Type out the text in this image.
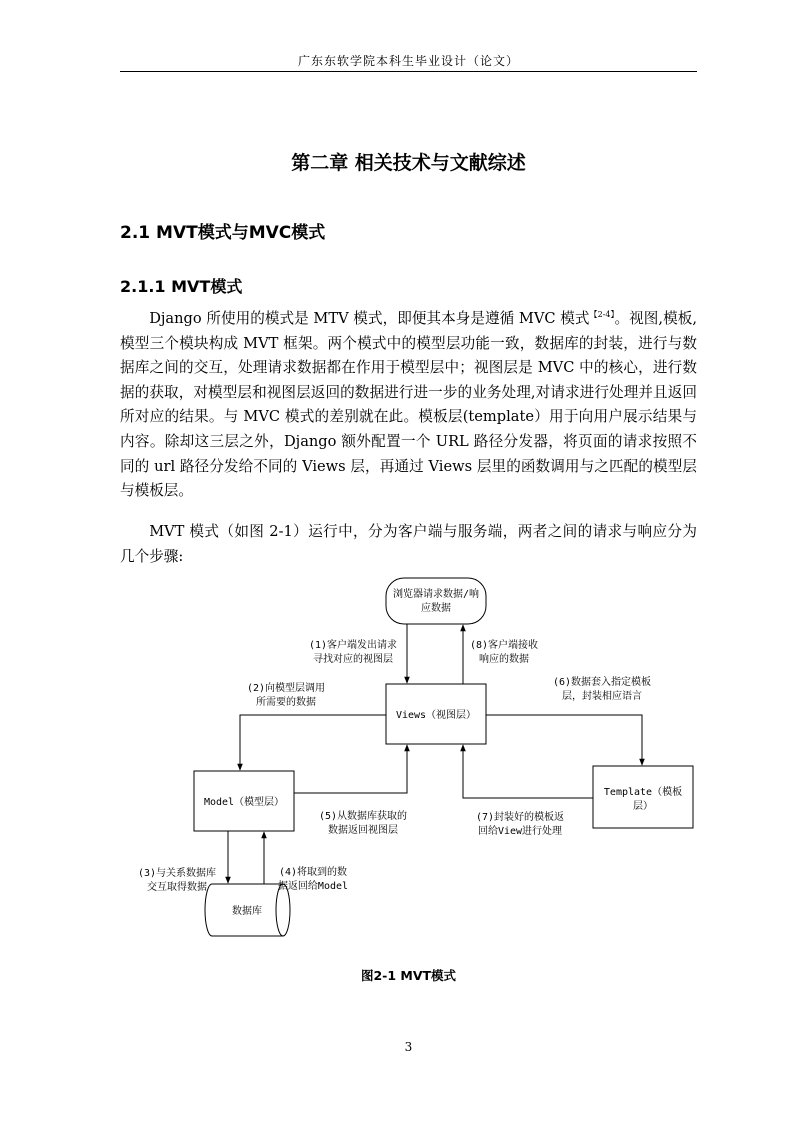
广东东软学院本科生毕业设计（论文）
第二章 相关技术与文献综述
2.1 MVT模式与MVC模式
2.1.1 MVT模式

Django 所使用的模式是 MTV 模式，即便其本身是遵循 MVC 模式$^{【2-4】}$。视图,模板,模型三个模块构成 MVT 框架。两个模式中的模型层功能一致，数据库的封装，进行与数据库之间的交互，处理请求数据都在作用于模型层中；视图层是 MVC 中的核心，进行数据的获取，对模型层和视图层返回的数据进行进一步的业务处理,对请求进行处理并且返回所对应的结果。与 MVC 模式的差别就在此。模板层(template）用于向用户展示结果与内容。除却这三层之外，Django 额外配置一个 URL 路径分发器，将页面的请求按照不同的 url 路径分发给不同的 Views 层，再通过 Views 层里的函数调用与之匹配的模型层与模板层。

MVT 模式（如图 2-1）运行中，分为客户端与服务端，两者之间的请求与响应分为几个步骤:

浏览器请求数据/响
应数据
Views（视图层）
Model（模型层）
Template（模板
层）
数据库
(1)客户端发出请求
寻找对应的视图层
(8)客户端接收
响应的数据
(2)向模型层调用
所需要的数据
(6)数据套入指定模板
层，封装相应语言
(5)从数据库获取的
数据返回视图层
(7)封装好的模板返
回给View进行处理
(3)与关系数据库
交互取得数据
(4)将取到的数
据返回给Model

图2-1 MVT模式

3
